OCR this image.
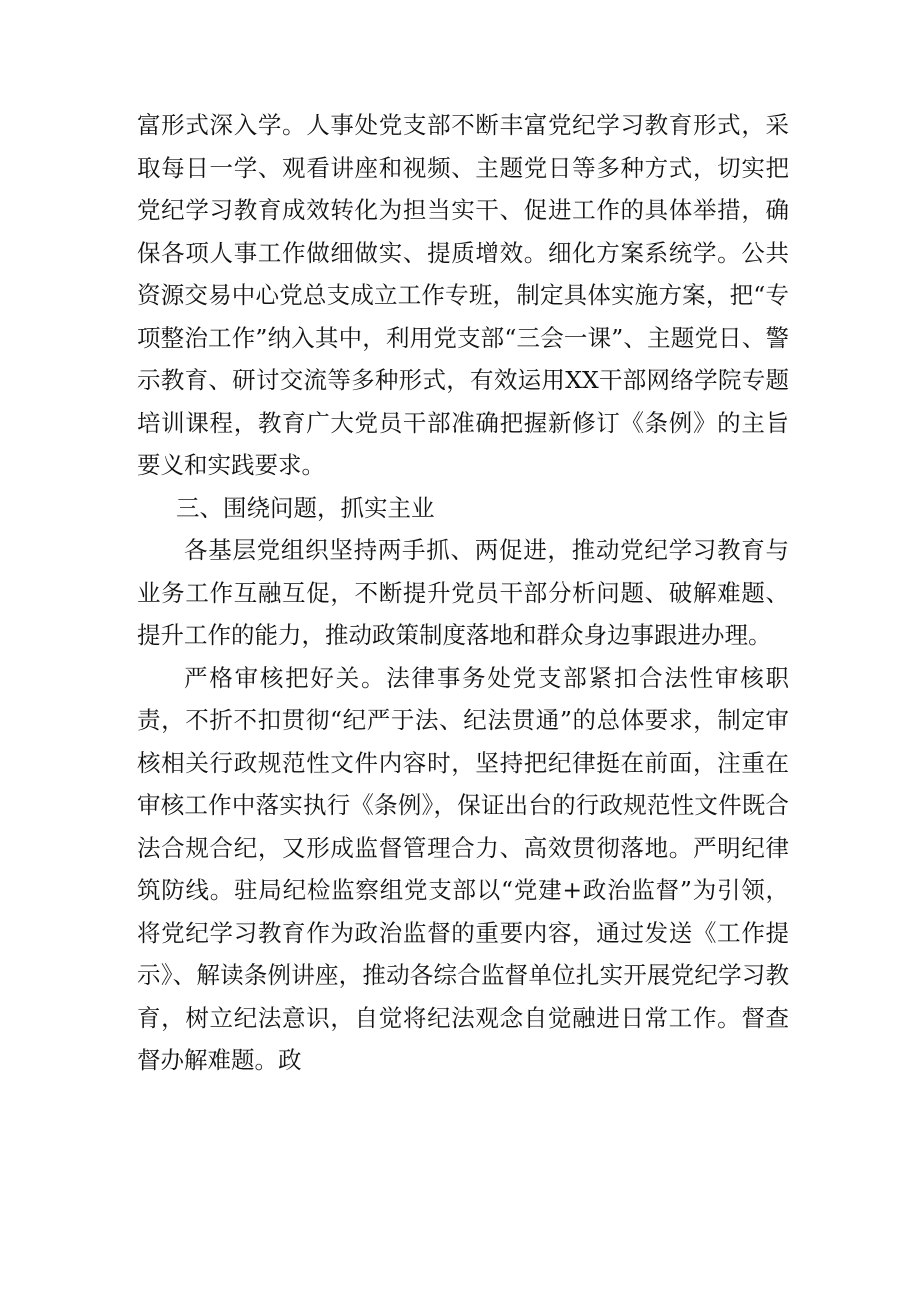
富形式深入学。人事处党支部不断丰富党纪学习教育形式，采取每日一学、观看讲座和视频、主题党日等多种方式，切实把党纪学习教育成效转化为担当实干、促进工作的具体举措，确保各项人事工作做细做实、提质增效。细化方案系统学。公共资源交易中心党总支成立工作专班，制定具体实施方案，把“专项整治工作”纳入其中，利用党支部“三会一课”、主题党日、警示教育、研讨交流等多种形式，有效运用XX干部网络学院专题培训课程，教育广大党员干部准确把握新修订《条例》的主旨要义和实践要求。

三、围绕问题，抓实主业

各基层党组织坚持两手抓、两促进，推动党纪学习教育与业务工作互融互促，不断提升党员干部分析问题、破解难题、提升工作的能力，推动政策制度落地和群众身边事跟进办理。

严格审核把好关。法律事务处党支部紧扣合法性审核职责，不折不扣贯彻“纪严于法、纪法贯通”的总体要求，制定审核相关行政规范性文件内容时，坚持把纪律挺在前面，注重在审核工作中落实执行《条例》，保证出台的行政规范性文件既合法合规合纪，又形成监督管理合力、高效贯彻落地。严明纪律筑防线。驻局纪检监察组党支部以“党建+政治监督”为引领，将党纪学习教育作为政治监督的重要内容，通过发送《工作提示》、解读条例讲座，推动各综合监督单位扎实开展党纪学习教育，树立纪法意识，自觉将纪法观念自觉融进日常工作。督查督办解难题。政
